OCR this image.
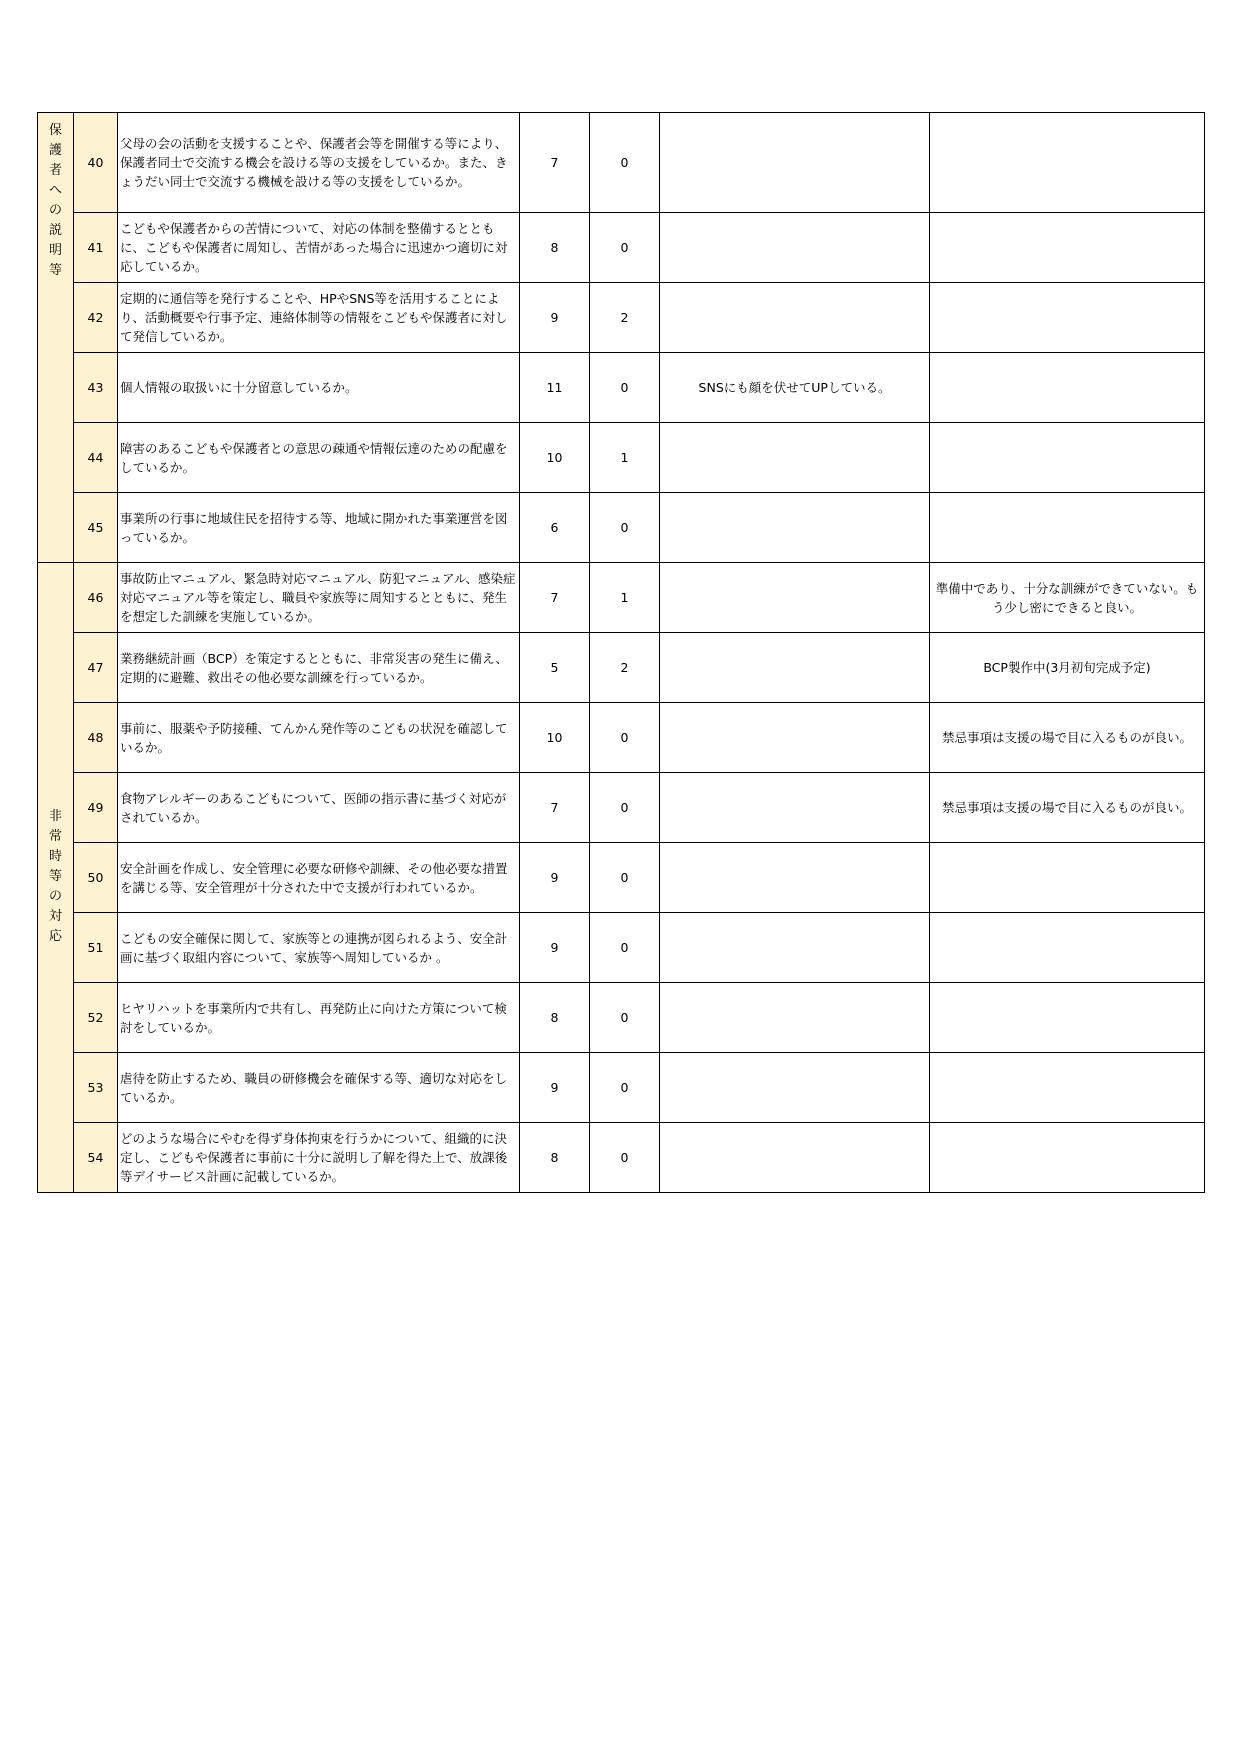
保護者への説明等	40	父母の会の活動を支援することや、保護者会等を開催する等により、保護者同士で交流する機会を設ける等の支援をしているか。また、きょうだい同士で交流する機械を設ける等の支援をしているか。	7	0		
	41	こどもや保護者からの苦情について、対応の体制を整備するとともに、こどもや保護者に周知し、苦情があった場合に迅速かつ適切に対応しているか。	8	0		
	42	定期的に通信等を発行することや、HPやSNS等を活用することにより、活動概要や行事予定、連絡体制等の情報をこどもや保護者に対して発信しているか。	9	2		
	43	個人情報の取扱いに十分留意しているか。	11	0	SNSにも顔を伏せてUPしている。	
	44	障害のあるこどもや保護者との意思の疎通や情報伝達のための配慮をしているか。	10	1		
	45	事業所の行事に地域住民を招待する等、地域に開かれた事業運営を図っているか。	6	0		

非常時等の対応	46	事故防止マニュアル、緊急時対応マニュアル、防犯マニュアル、感染症対応マニュアル等を策定し、職員や家族等に周知するとともに、発生を想定した訓練を実施しているか。	7	1		準備中であり、十分な訓練ができていない。もう少し密にできると良い。
	47	業務継続計画（BCP）を策定するとともに、非常災害の発生に備え、定期的に避難、救出その他必要な訓練を行っているか。	5	2		BCP製作中(3月初旬完成予定)
	48	事前に、服薬や予防接種、てんかん発作等のこどもの状況を確認しているか。	10	0		禁忌事項は支援の場で目に入るものが良い。
	49	食物アレルギーのあるこどもについて、医師の指示書に基づく対応がされているか。	7	0		禁忌事項は支援の場で目に入るものが良い。
	50	安全計画を作成し、安全管理に必要な研修や訓練、その他必要な措置を講じる等、安全管理が十分された中で支援が行われているか。	9	0		
	51	こどもの安全確保に関して、家族等との連携が図られるよう、安全計画に基づく取組内容について、家族等へ周知しているか 。	9	0		
	52	ヒヤリハットを事業所内で共有し、再発防止に向けた方策について検討をしているか。	8	0		
	53	虐待を防止するため、職員の研修機会を確保する等、適切な対応をしているか。	9	0		
	54	どのような場合にやむを得ず身体拘束を行うかについて、組織的に決定し、こどもや保護者に事前に十分に説明し了解を得た上で、放課後等デイサービス計画に記載しているか。	8	0		
